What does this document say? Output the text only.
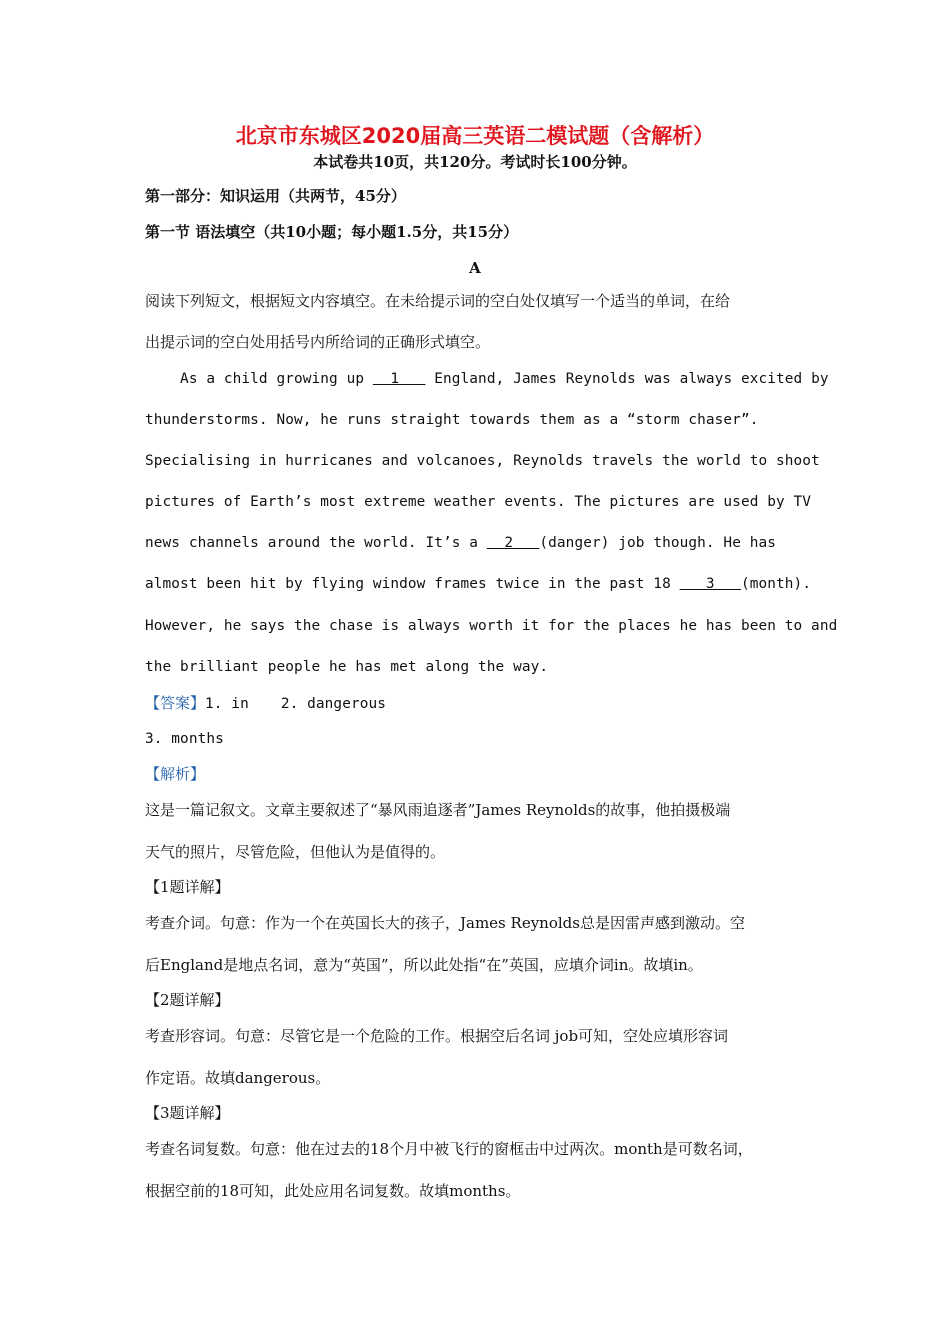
北京市东城区2020届高三英语二模试题（含解析）
本试卷共10页，共120分。考试时长100分钟。
第一部分：知识运用（共两节，45分）
第一节 语法填空（共10小题；每小题1.5分，共15分）
A
阅读下列短文，根据短文内容填空。在未给提示词的空白处仅填写一个适当的单词，在给
出提示词的空白处用括号内所给词的正确形式填空。
As a child growing up   1    England, James Reynolds was always excited by
thunderstorms. Now, he runs straight towards them as a “storm chaser”.
Specialising in hurricanes and volcanoes, Reynolds travels the world to shoot
pictures of Earth’s most extreme weather events. The pictures are used by TV
news channels around the world. It’s a   2   (danger) job though. He has
almost been hit by flying window frames twice in the past 18    3   (month).
However, he says the chase is always worth it for the places he has been to and
the brilliant people he has met along the way.
【答案】1. in 2. dangerous
3. months
【解析】
这是一篇记叙文。文章主要叙述了“暴风雨追逐者”James Reynolds的故事，他拍摄极端
天气的照片，尽管危险，但他认为是值得的。
【1题详解】
考查介词。句意：作为一个在英国长大的孩子，James Reynolds总是因雷声感到激动。空
后England是地点名词，意为“英国”，所以此处指“在”英国，应填介词in。故填in。
【2题详解】
考查形容词。句意：尽管它是一个危险的工作。根据空后名词 job可知，空处应填形容词
作定语。故填dangerous。
【3题详解】
考查名词复数。句意：他在过去的18个月中被飞行的窗框击中过两次。month是可数名词，
根据空前的18可知，此处应用名词复数。故填months。
